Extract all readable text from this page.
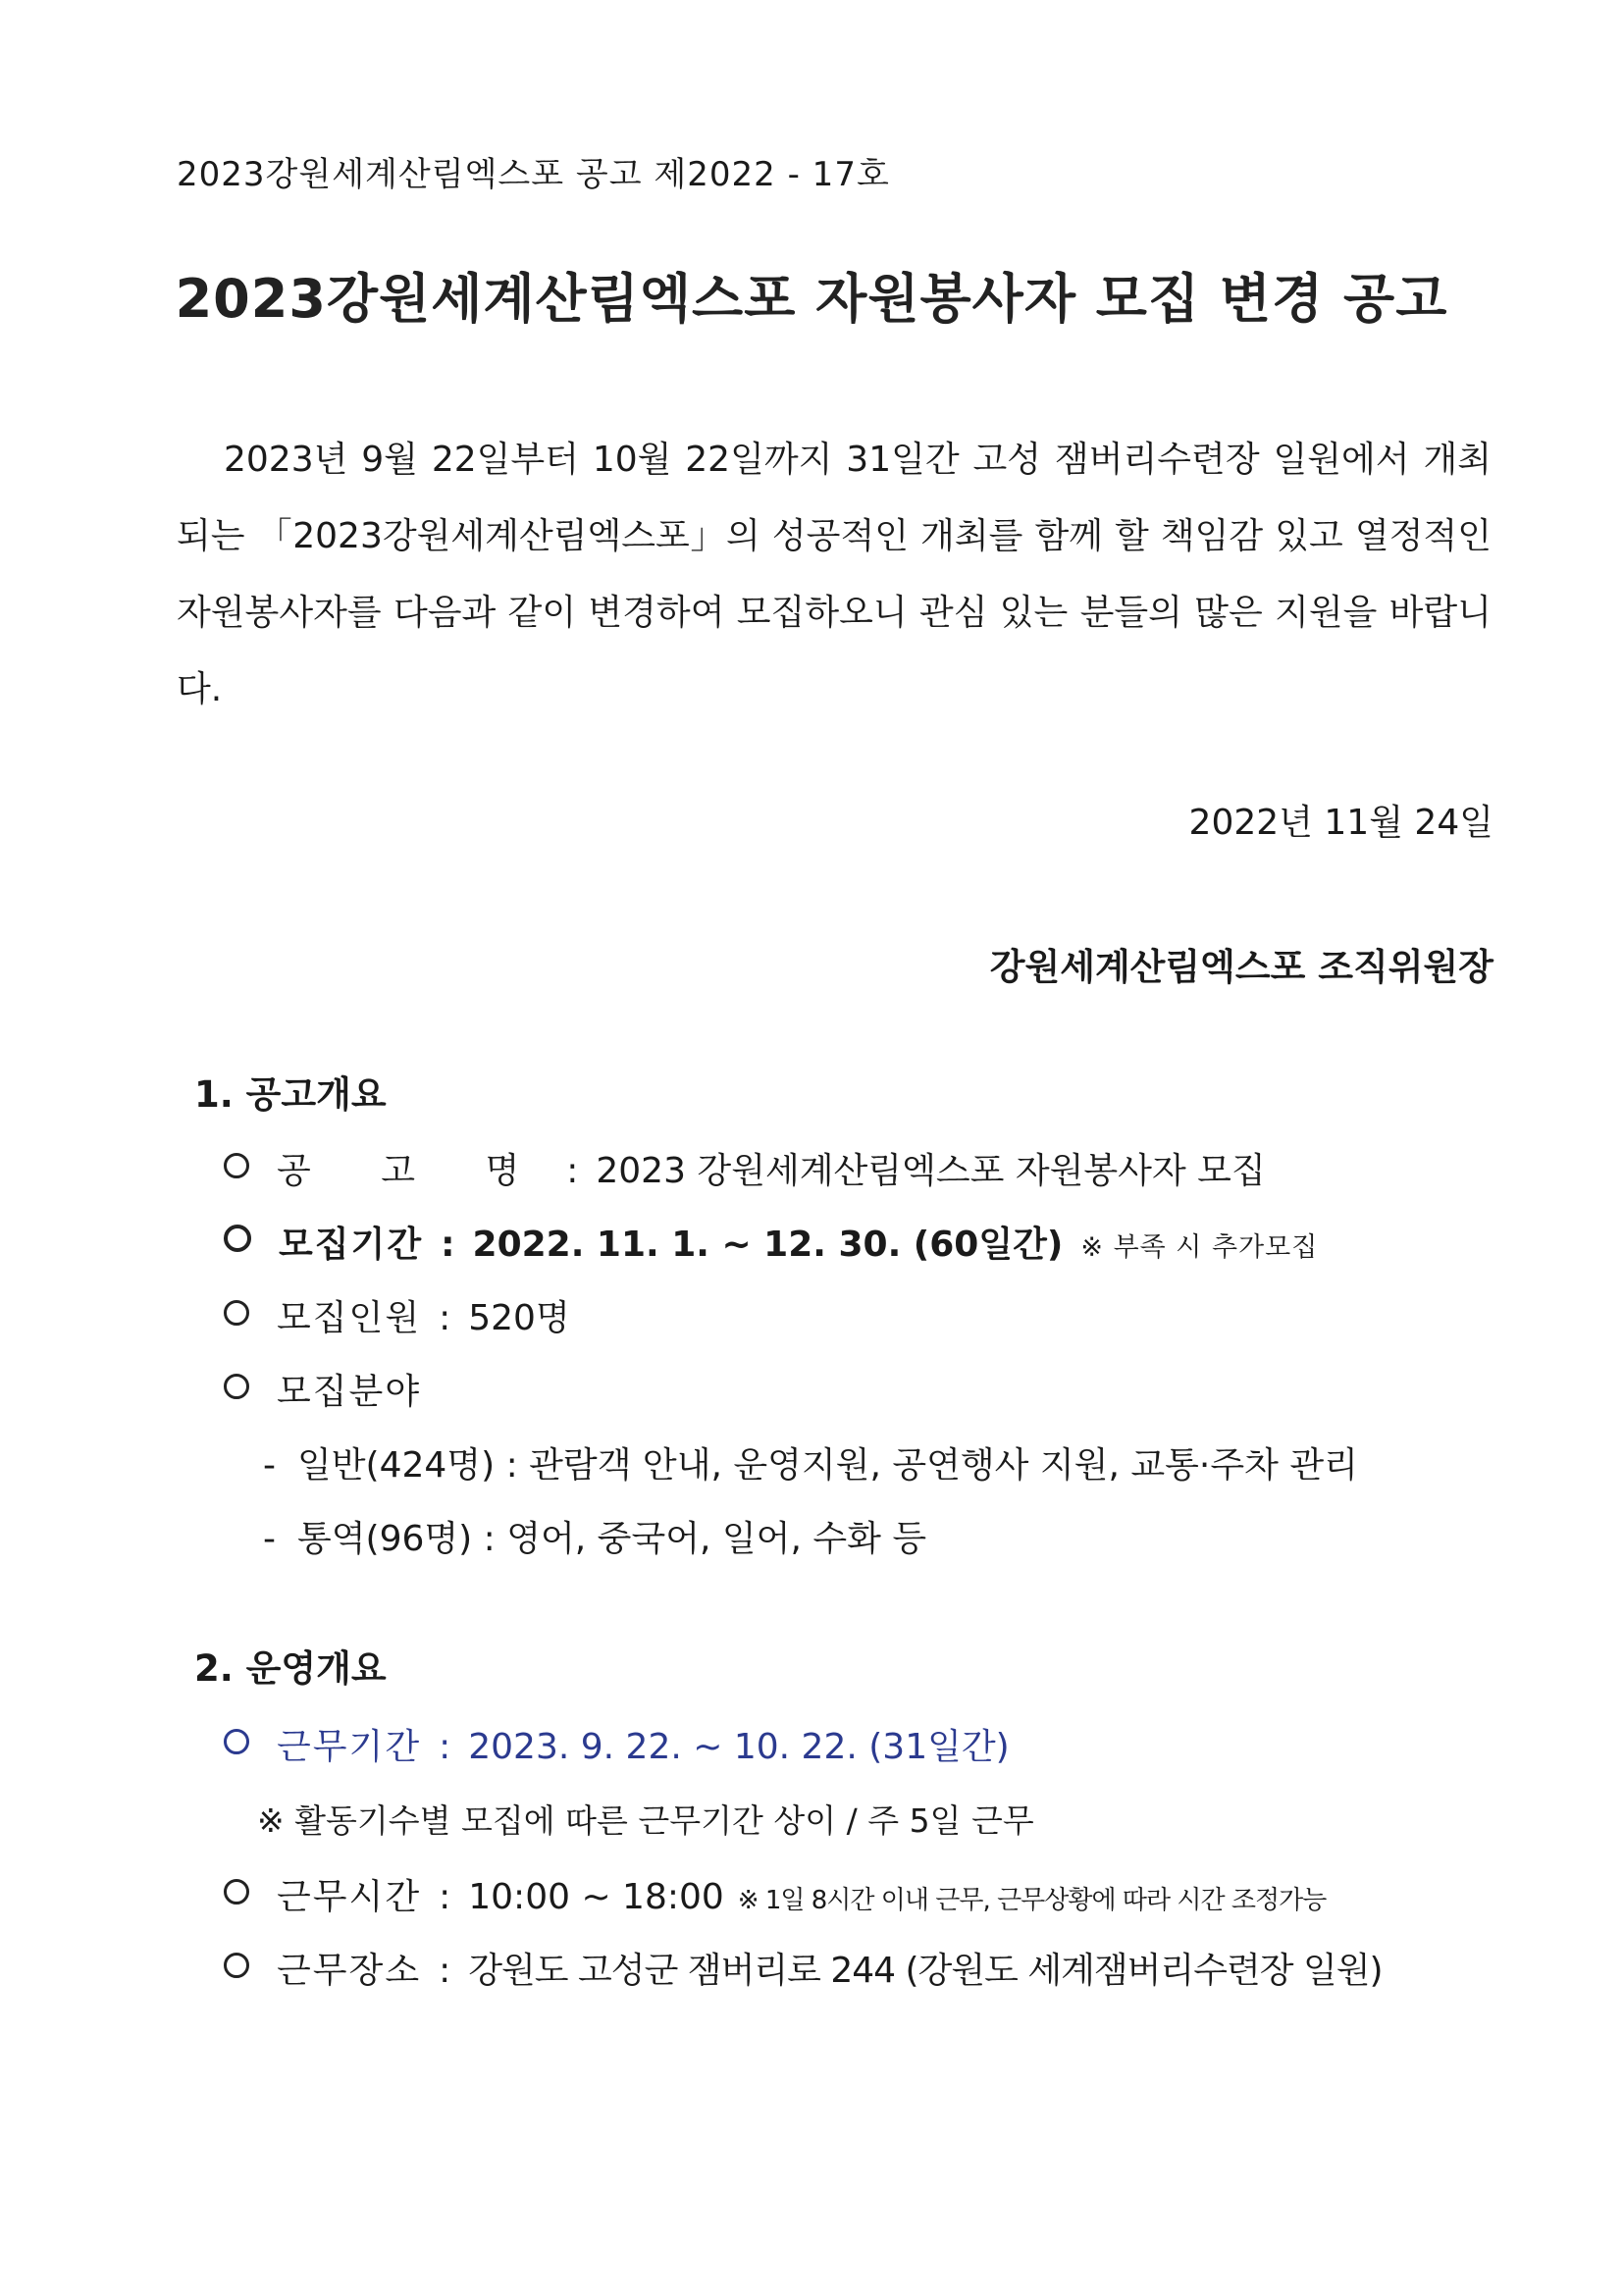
2023강원세계산림엑스포 공고 제2022 - 17호
2023강원세계산림엑스포 자원봉사자 모집 변경 공고

2023년 9월 22일부터 10월 22일까지 31일간 고성 잼버리수련장 일원에서 개최되는 「2023강원세계산림엑스포」의 성공적인 개최를 함께 할 책임감 있고 열정적인 자원봉사자를 다음과 같이 변경하여 모집하오니 관심 있는 분들의 많은 지원을 바랍니다.

2022년 11월 24일
강원세계산림엑스포 조직위원장
1. 공고개요
공 고 명 : 2023 강원세계산림엑스포 자원봉사자 모집
모집기간 : 2022. 11. 1. ~ 12. 30. (60일간) ※ 부족 시 추가모집
모집인원 : 520명
모집분야
- 일반(424명) : 관람객 안내, 운영지원, 공연행사 지원, 교통·주차 관리
- 통역(96명) : 영어, 중국어, 일어, 수화 등
2. 운영개요
근무기간 : 2023. 9. 22. ~ 10. 22. (31일간)
※ 활동기수별 모집에 따른 근무기간 상이 / 주 5일 근무
근무시간 : 10:00 ~ 18:00 ※ 1일 8시간 이내 근무, 근무상황에 따라 시간 조정가능
근무장소 : 강원도 고성군 잼버리로 244 (강원도 세계잼버리수련장 일원)
